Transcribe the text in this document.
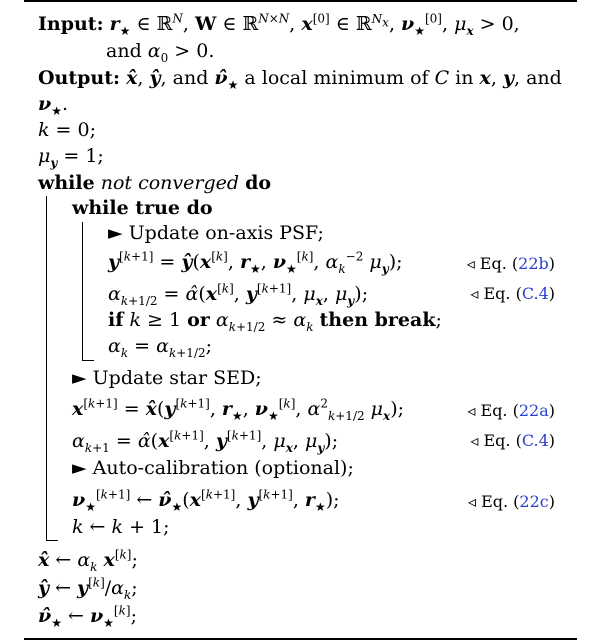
Input: $r_★$ ∈ ℝ$^N$, W ∈ ℝ$^{N\times N}$, x[0] ∈ ℝ$^{N_x}$, $\nu_★[0]$, $\mu_x > 0$,
and $\alpha_0 > 0$.
Output: x̂, ŷ, and $\nû_★$ a local minimum of C in x, y, and
$\nu_★$.
k = 0;
$\mu_y = 1$;
while not converged do
while true do
► Update on-axis PSF;
y[k+1] = ŷ(x[k], $r_★$, $\nu_★[k]$, $\alpha_k^{-2}$ $\mu_y$);	◃ Eq. (22b)
$\alpha_{k+1/2}$ = α̂(x[k], y[k+1], $\mu_x$, $\mu_y$);	◃ Eq. (C.4)
if k ≥ 1 or $\alpha_{k+1/2} \approx \alpha_k$ then break;
$\alpha_k = \alpha_{k+1/2}$;
► Update star SED;
x[k+1] = x̂(y[k+1], $r_★$, $\nu_★[k]$, $\alpha^2_{k+1/2}$ $\mu_x$);	◃ Eq. (22a)
$\alpha_{k+1}$ = α̂(x[k+1], y[k+1], $\mu_x$, $\mu_y$);	◃ Eq. (C.4)
► Auto-calibration (optional);
$\nu_★[k+1]$ ← $\nû_★(x[k+1]$, y[k+1], $r_★$);	◃ Eq. (22c)
k ← k + 1;
x̂ ← $\alpha_k$ x[k];
ŷ ← $y[k]/\alpha_k$;
$\nû_★$ ← $\nu_★[k]$;
